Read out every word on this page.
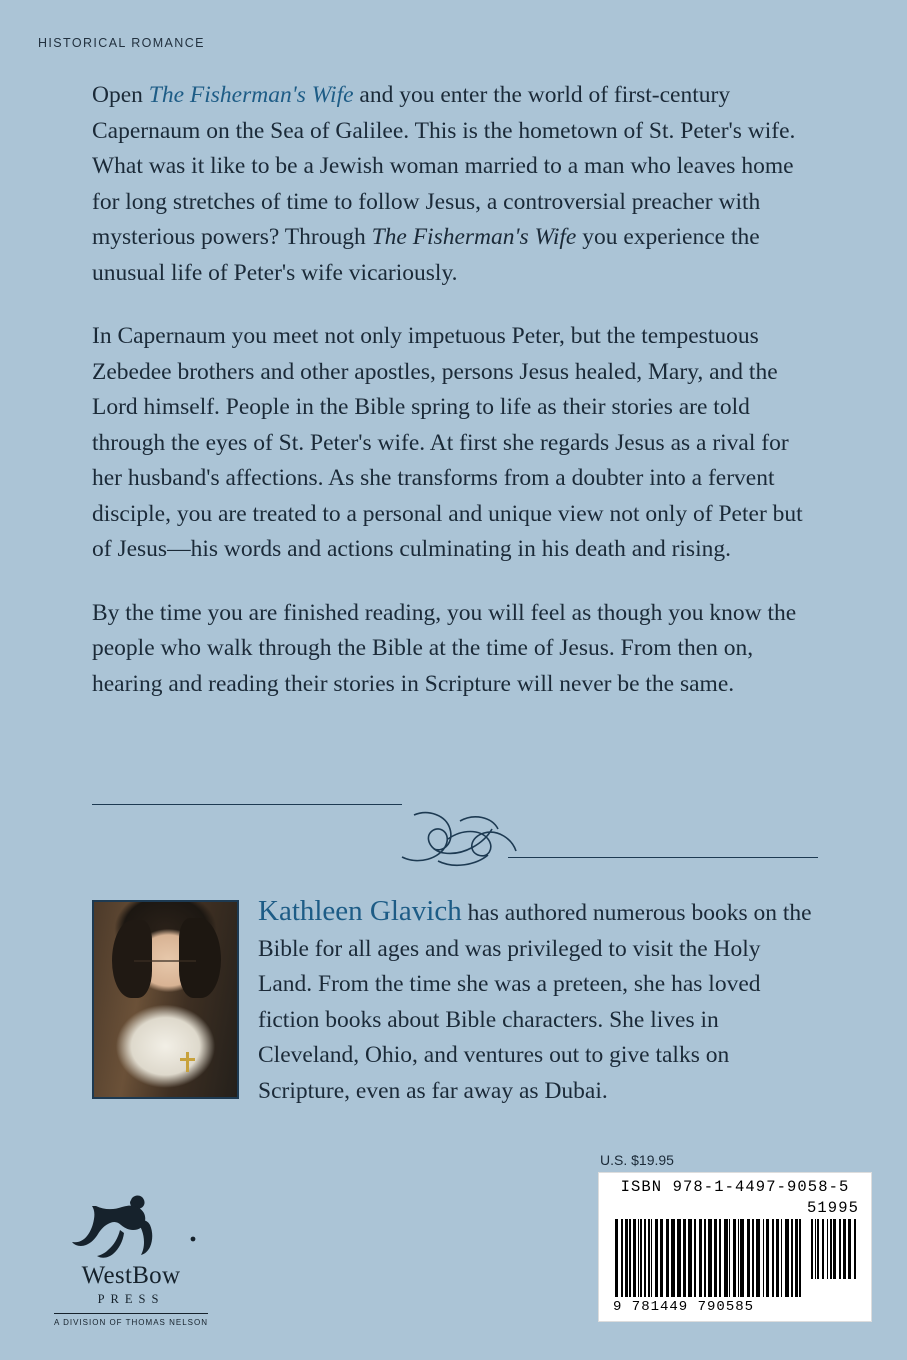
HISTORICAL ROMANCE

Open The Fisherman's Wife and you enter the world of first-century Capernaum on the Sea of Galilee. This is the hometown of St. Peter's wife. What was it like to be a Jewish woman married to a man who leaves home for long stretches of time to follow Jesus, a controversial preacher with mysterious powers? Through The Fisherman's Wife you experience the unusual life of Peter's wife vicariously.

In Capernaum you meet not only impetuous Peter, but the tempestuous Zebedee brothers and other apostles, persons Jesus healed, Mary, and the Lord himself. People in the Bible spring to life as their stories are told through the eyes of St. Peter's wife. At first she regards Jesus as a rival for her husband's affections. As she transforms from a doubter into a fervent disciple, you are treated to a personal and unique view not only of Peter but of Jesus—his words and actions culminating in his death and rising.

By the time you are finished reading, you will feel as though you know the people who walk through the Bible at the time of Jesus. From then on, hearing and reading their stories in Scripture will never be the same.

Kathleen Glavich has authored numerous books on the Bible for all ages and was privileged to visit the Holy Land. From the time she was a preteen, she has loved fiction books about Bible characters. She lives in Cleveland, Ohio, and ventures out to give talks on Scripture, even as far away as Dubai.
U.S. $19.95
ISBN 978-1-4497-9058-5
51995
9 781449 790585
WestBow
PRESS
A DIVISION OF THOMAS NELSON
